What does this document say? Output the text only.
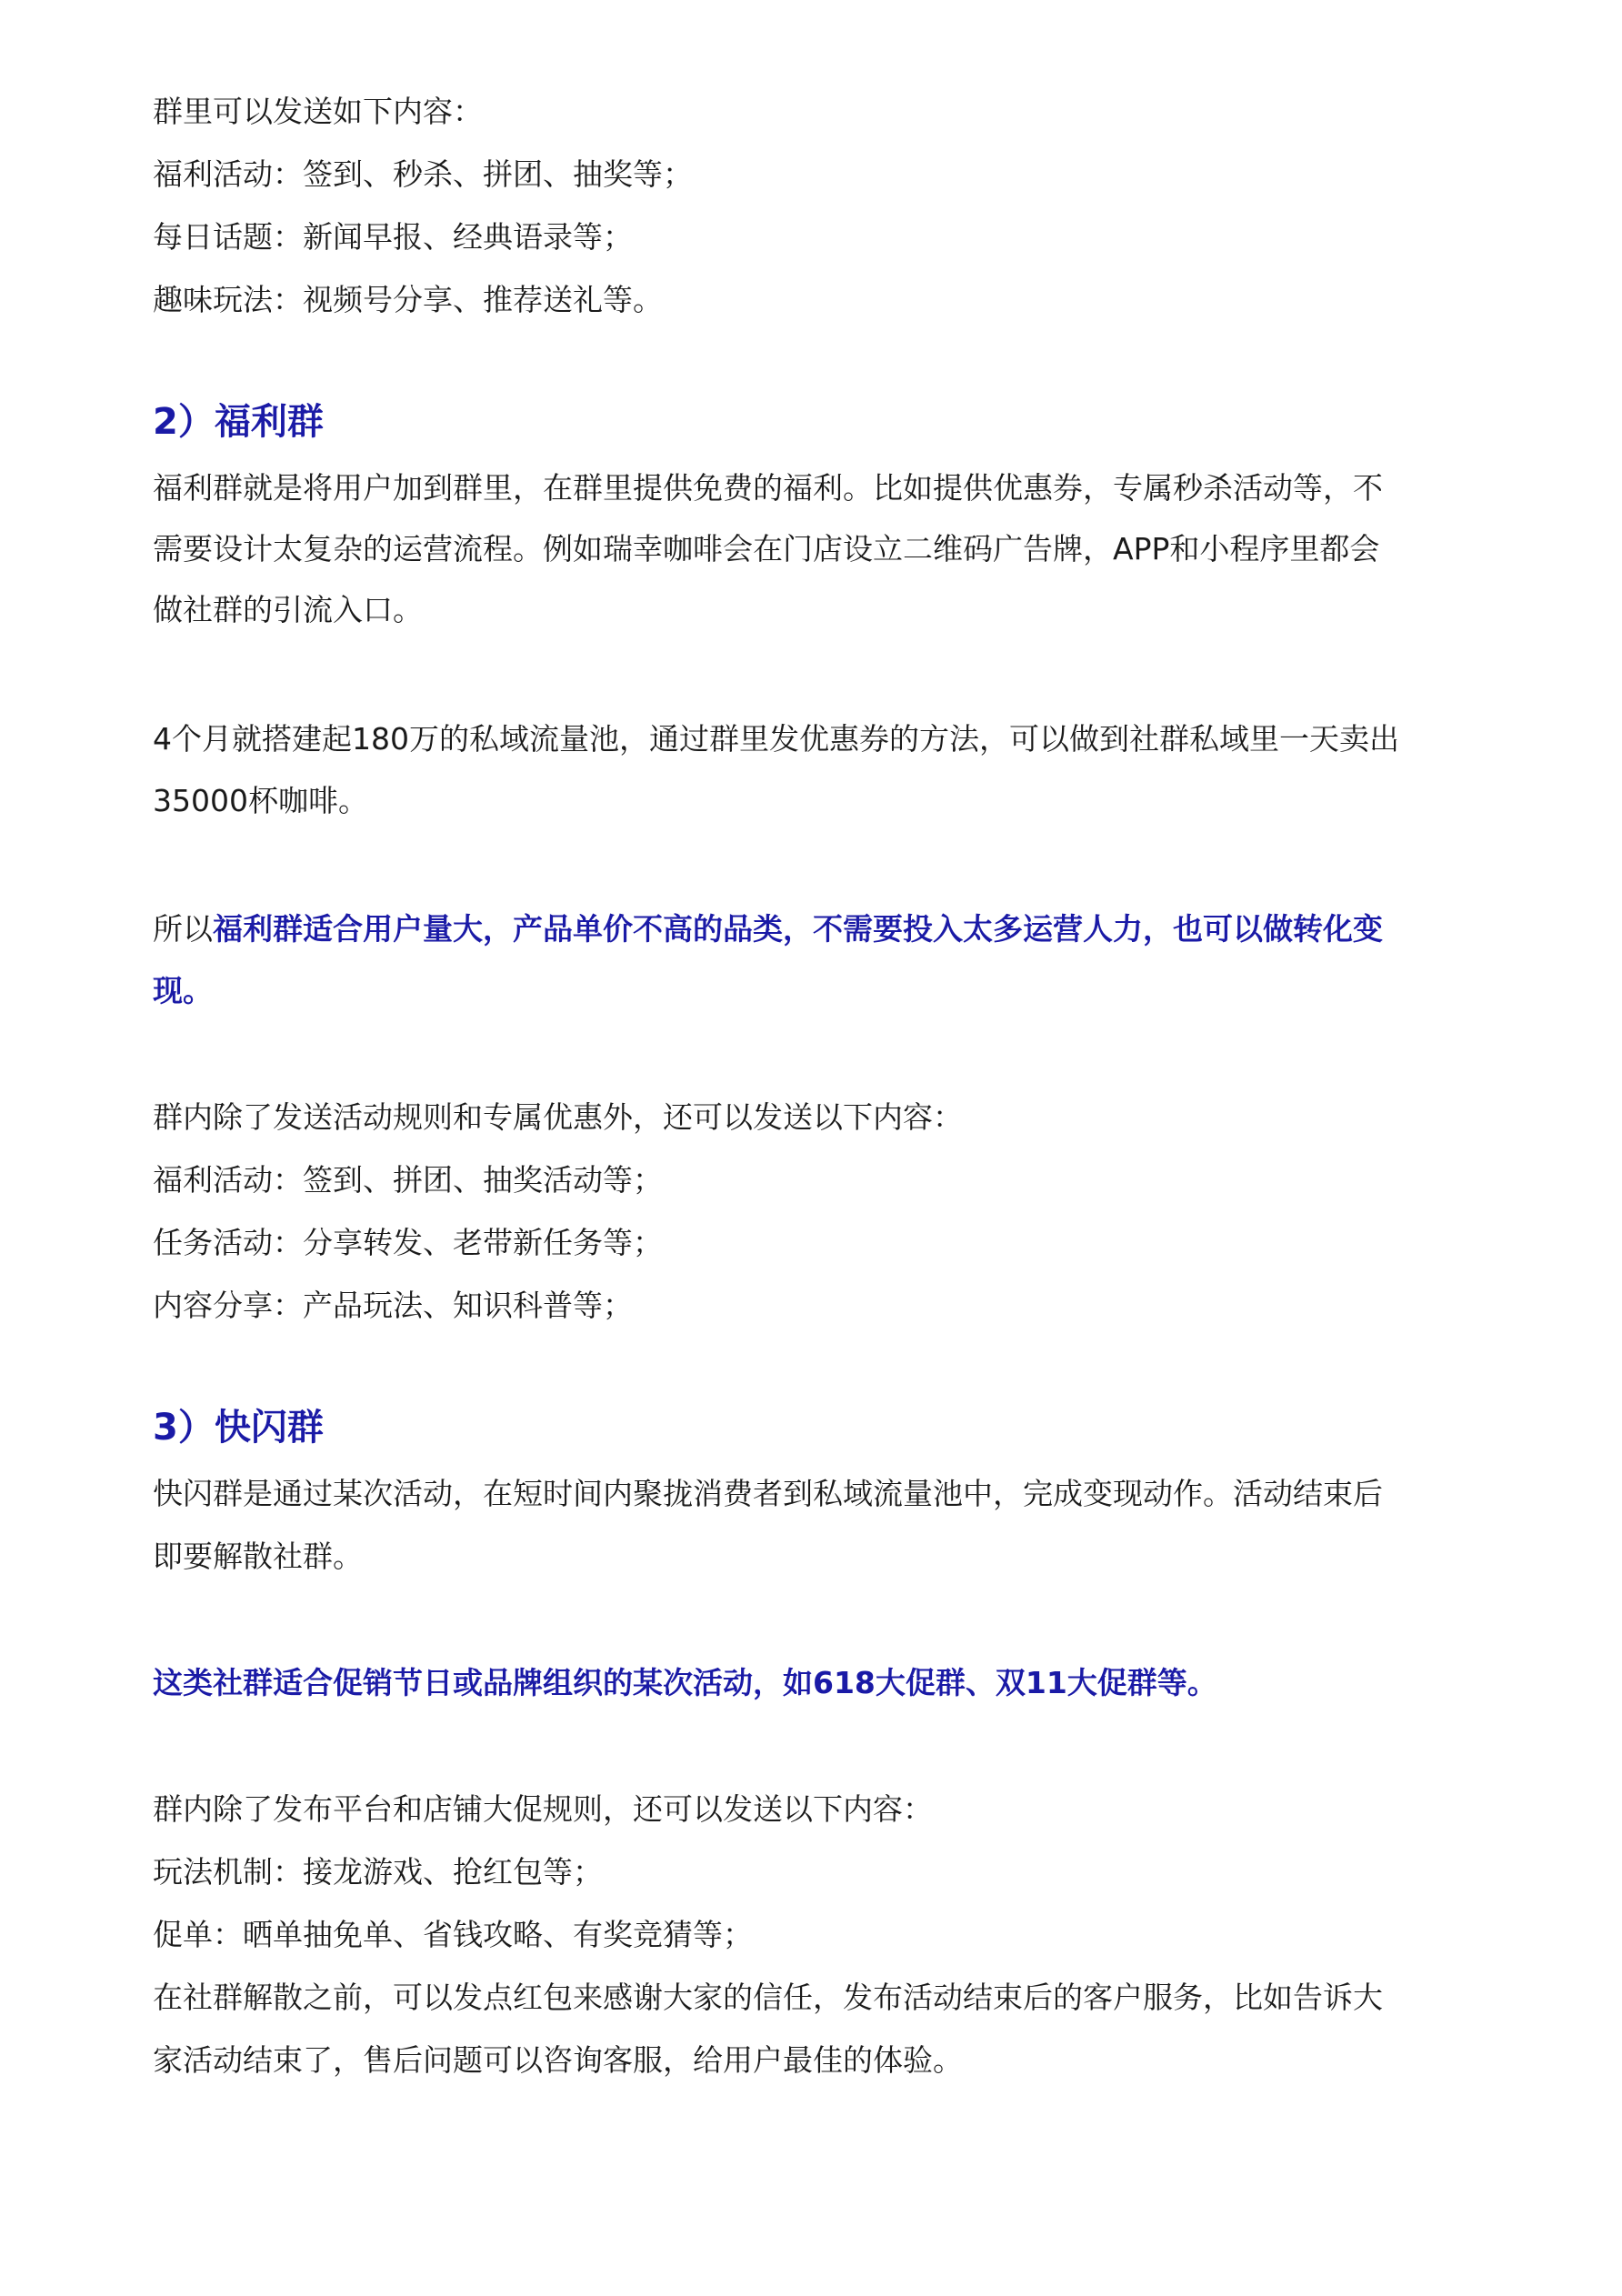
群里可以发送如下内容：

福利活动：签到、秒杀、拼团、抽奖等；

每日话题：新闻早报、经典语录等；

趣味玩法：视频号分享、推荐送礼等。

2）福利群

福利群就是将用户加到群里，在群里提供免费的福利。比如提供优惠券，专属秒杀活动等，不

需要设计太复杂的运营流程。例如瑞幸咖啡会在门店设立二维码广告牌，APP和小程序里都会

做社群的引流入口。

4个月就搭建起180万的私域流量池，通过群里发优惠券的方法，可以做到社群私域里一天卖出

35000杯咖啡。

所以福利群适合用户量大，产品单价不高的品类，不需要投入太多运营人力，也可以做转化变

现。

群内除了发送活动规则和专属优惠外，还可以发送以下内容：

福利活动：签到、拼团、抽奖活动等；

任务活动：分享转发、老带新任务等；

内容分享：产品玩法、知识科普等；

3）快闪群

快闪群是通过某次活动，在短时间内聚拢消费者到私域流量池中，完成变现动作。活动结束后

即要解散社群。

这类社群适合促销节日或品牌组织的某次活动，如618大促群、双11大促群等。

群内除了发布平台和店铺大促规则，还可以发送以下内容：

玩法机制：接龙游戏、抢红包等；

促单：晒单抽免单、省钱攻略、有奖竞猜等；

在社群解散之前，可以发点红包来感谢大家的信任，发布活动结束后的客户服务，比如告诉大

家活动结束了，售后问题可以咨询客服，给用户最佳的体验。
